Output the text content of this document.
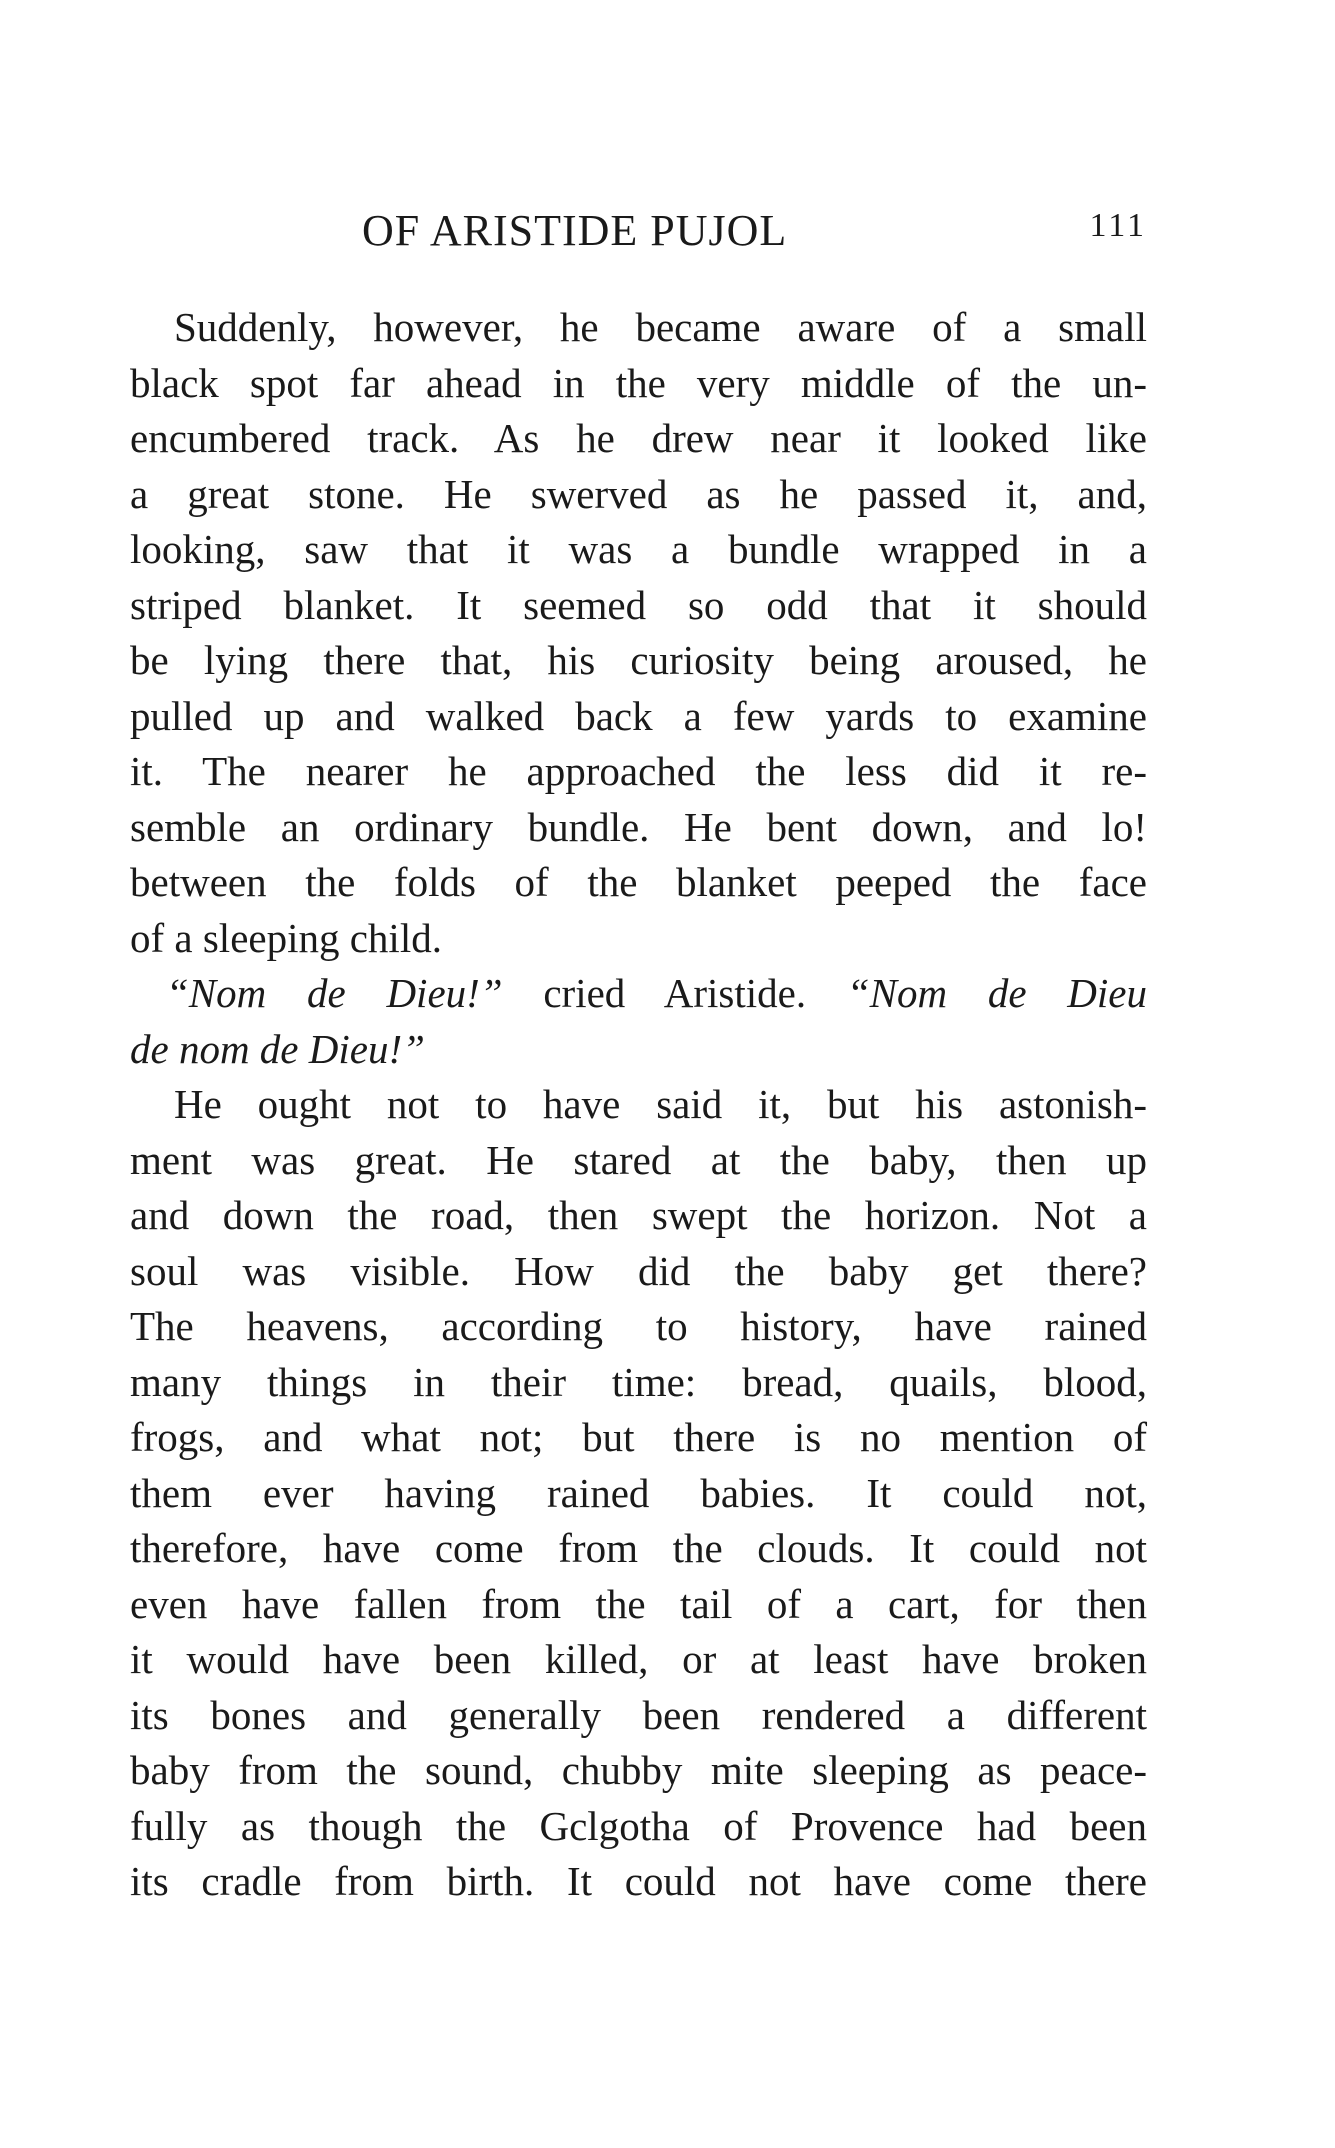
OF ARISTIDE PUJOL	111
Suddenly, however, he became aware of a small
black spot far ahead in the very middle of the un-
encumbered track. As he drew near it looked like
a great stone. He swerved as he passed it, and,
looking, saw that it was a bundle wrapped in a
striped blanket. It seemed so odd that it should
be lying there that, his curiosity being aroused, he
pulled up and walked back a few yards to examine
it. The nearer he approached the less did it re-
semble an ordinary bundle. He bent down, and lo!
between the folds of the blanket peeped the face
of a sleeping child.
“Nom de Dieu!” cried Aristide. “Nom de Dieu
de nom de Dieu!”
He ought not to have said it, but his astonish-
ment was great. He stared at the baby, then up
and down the road, then swept the horizon. Not a
soul was visible. How did the baby get there?
The heavens, according to history, have rained
many things in their time: bread, quails, blood,
frogs, and what not; but there is no mention of
them ever having rained babies. It could not,
therefore, have come from the clouds. It could not
even have fallen from the tail of a cart, for then
it would have been killed, or at least have broken
its bones and generally been rendered a different
baby from the sound, chubby mite sleeping as peace-
fully as though the Gclgotha of Provence had been
its cradle from birth. It could not have come there
